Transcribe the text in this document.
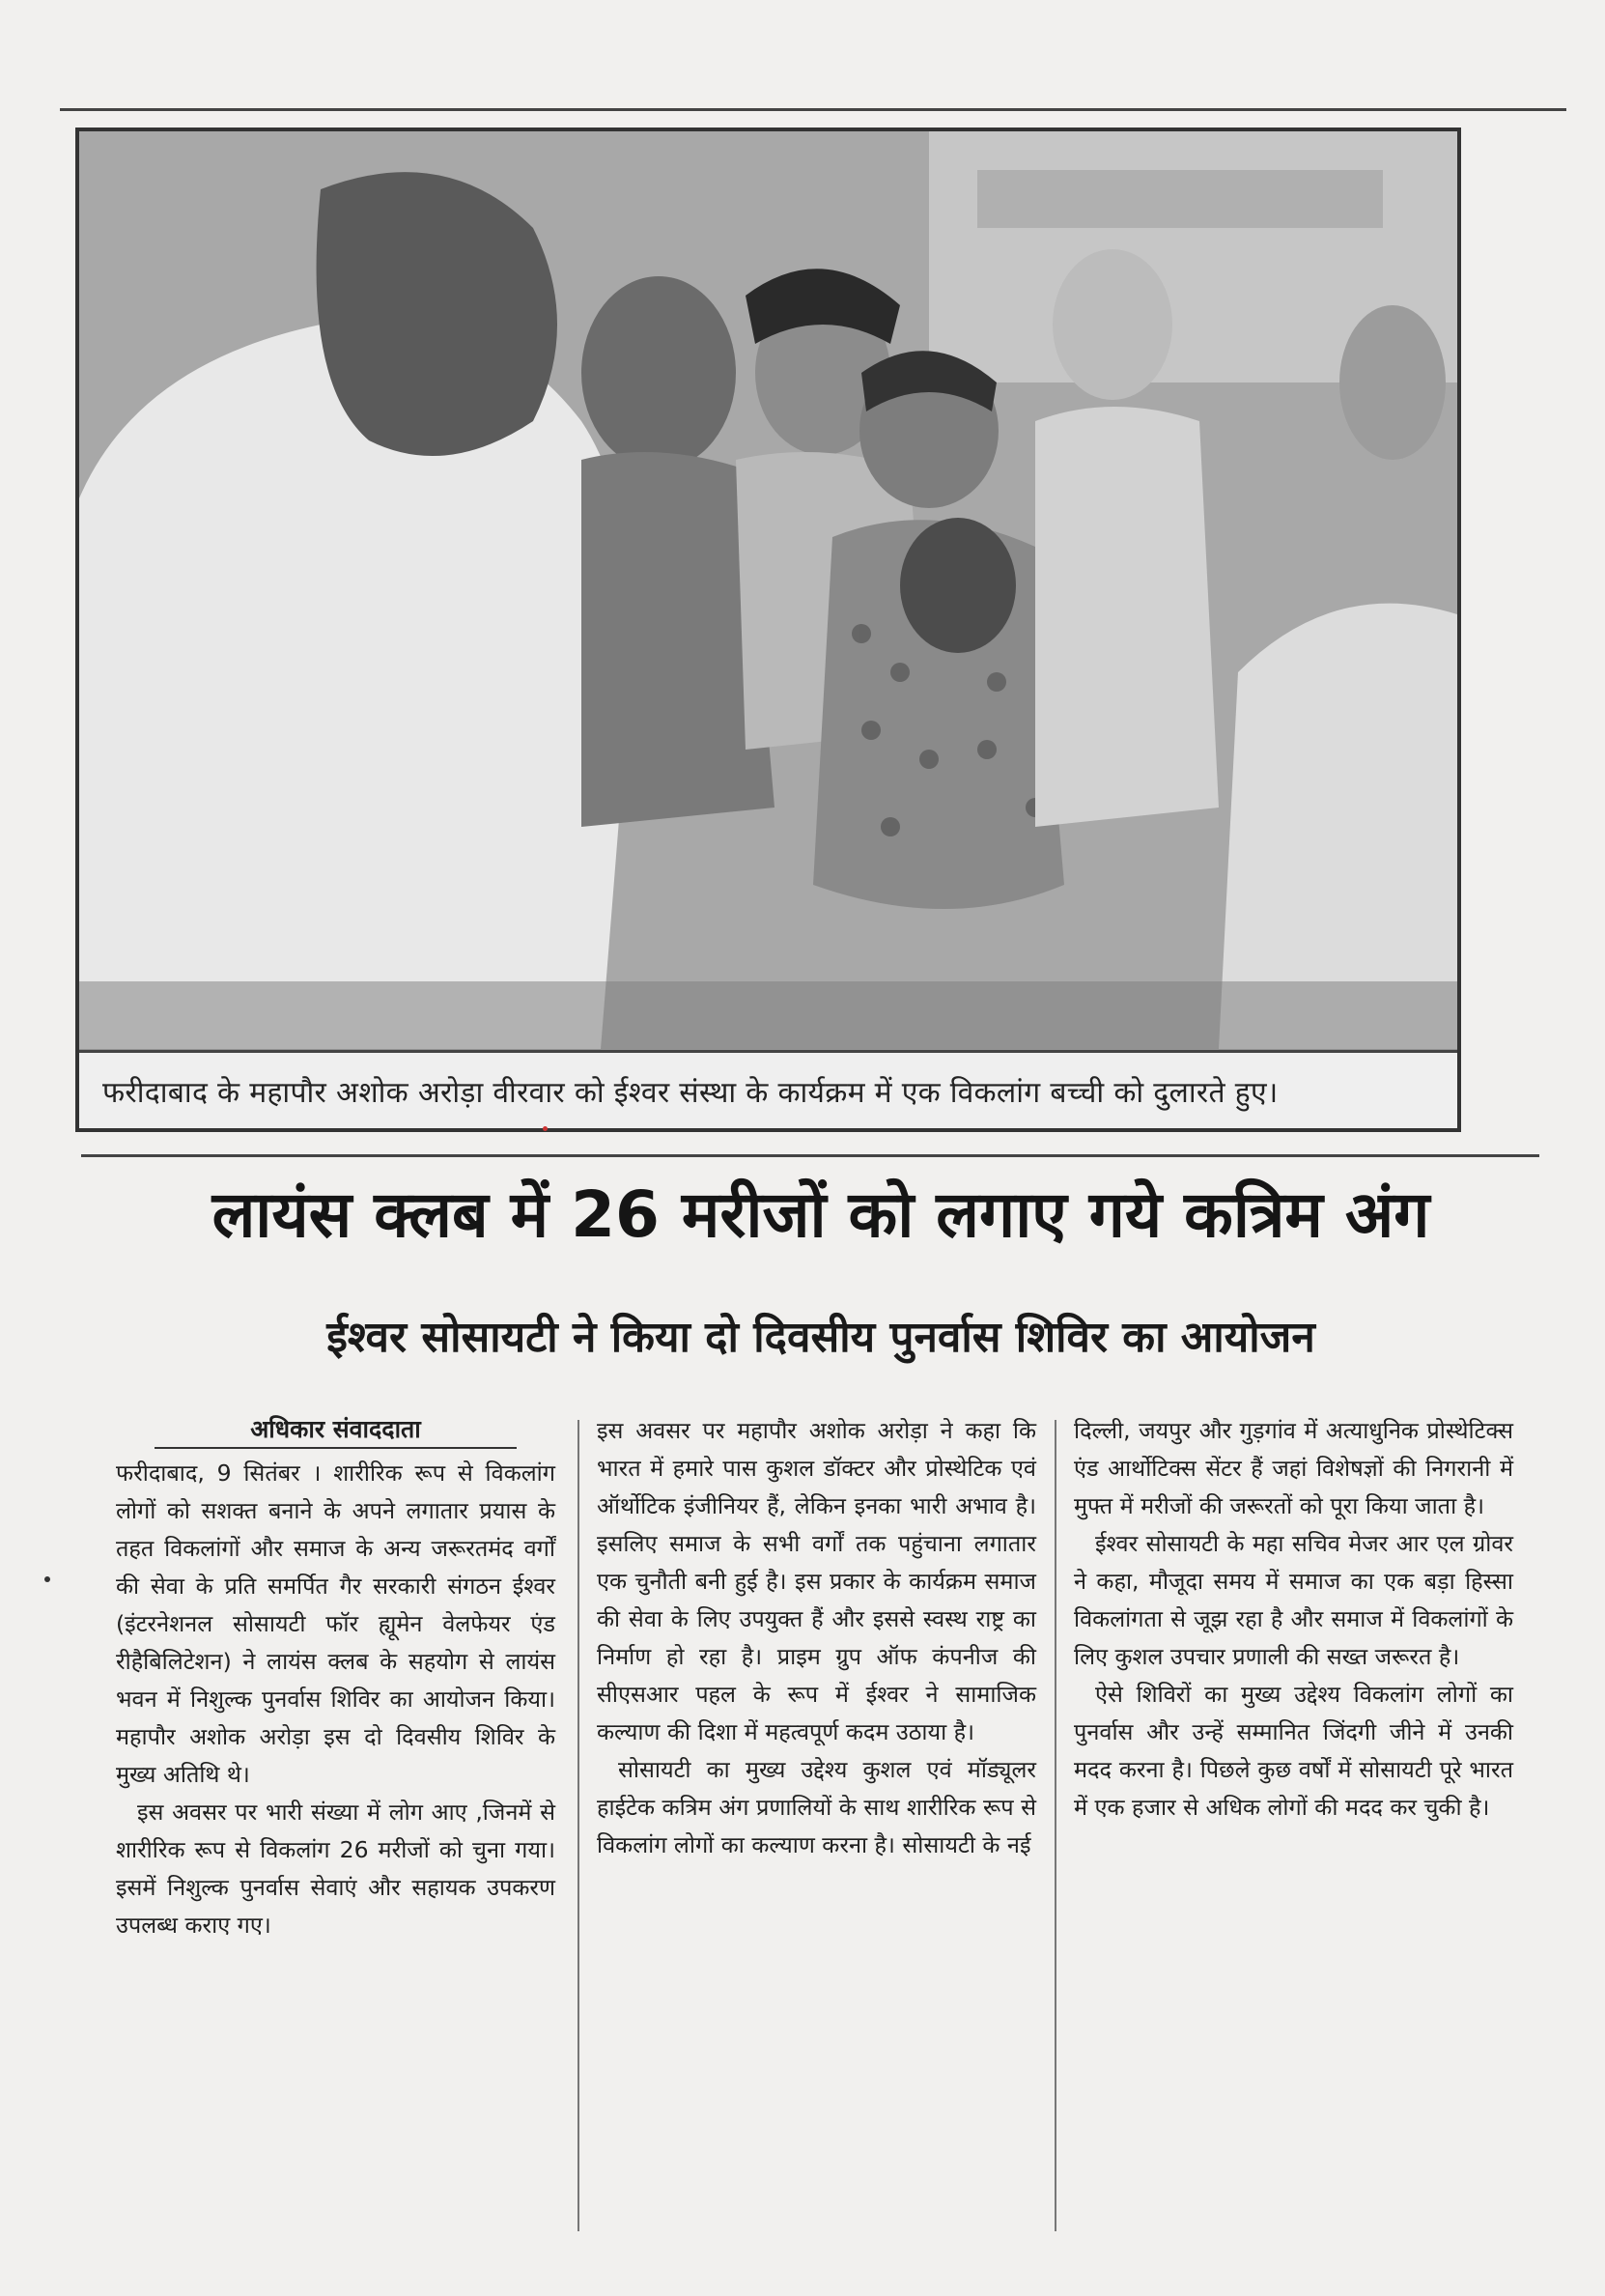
फरीदाबाद के महापौर अशोक अरोड़ा वीरवार को ईश्वर संस्था के कार्यक्रम में एक विकलांग बच्ची को दुलारते हुए।
लायंस क्लब में 26 मरीजों को लगाए गये कत्रिम अंग
ईश्वर सोसायटी ने किया दो दिवसीय पुनर्वास शिविर का आयोजन
अधिकार संवाददाता

फरीदाबाद, 9 सितंबर । शारीरिक रूप से विकलांग लोगों को सशक्त बनाने के अपने लगातार प्रयास के तहत विकलांगों और समाज के अन्य जरूरतमंद वर्गों की सेवा के प्रति समर्पित गैर सरकारी संगठन ईश्वर (इंटरनेशनल सोसायटी फॉर ह्यूमेन वेलफेयर एंड रीहैबिलिटेशन) ने लायंस क्लब के सहयोग से लायंस भवन में निशुल्क पुनर्वास शिविर का आयोजन किया। महापौर अशोक अरोड़ा इस दो दिवसीय शिविर के मुख्य अतिथि थे।

इस अवसर पर भारी संख्या में लोग आए ,जिनमें से शारीरिक रूप से विकलांग 26 मरीजों को चुना गया। इसमें निशुल्क पुनर्वास सेवाएं और सहायक उपकरण उपलब्ध कराए गए।

इस अवसर पर महापौर अशोक अरोड़ा ने कहा कि भारत में हमारे पास कुशल डॉक्टर और प्रोस्थेटिक एवं ऑर्थोटिक इंजीनियर हैं, लेकिन इनका भारी अभाव है। इसलिए समाज के सभी वर्गों तक पहुंचाना लगातार एक चुनौती बनी हुई है। इस प्रकार के कार्यक्रम समाज की सेवा के लिए उपयुक्त हैं और इससे स्वस्थ राष्ट्र का निर्माण हो रहा है। प्राइम ग्रुप ऑफ कंपनीज की सीएसआर पहल के रूप में ईश्वर ने सामाजिक कल्याण की दिशा में महत्वपूर्ण कदम उठाया है।

सोसायटी का मुख्य उद्देश्य कुशल एवं मॉड्यूलर हाईटेक कत्रिम अंग प्रणालियों के साथ शारीरिक रूप से विकलांग लोगों का कल्याण करना है। सोसायटी के नई

दिल्ली, जयपुर और गुड़गांव में अत्याधुनिक प्रोस्थेटिक्स एंड आर्थोटिक्स सेंटर हैं जहां विशेषज्ञों की निगरानी में मुफ्त में मरीजों की जरूरतों को पूरा किया जाता है।

ईश्वर सोसायटी के महा सचिव मेजर आर एल ग्रोवर ने कहा, मौजूदा समय में समाज का एक बड़ा हिस्सा विकलांगता से जूझ रहा है और समाज में विकलांगों के लिए कुशल उपचार प्रणाली की सख्त जरूरत है।

ऐसे शिविरों का मुख्य उद्देश्य विकलांग लोगों का पुनर्वास और उन्हें सम्मानित जिंदगी जीने में उनकी मदद करना है। पिछले कुछ वर्षों में सोसायटी पूरे भारत में एक हजार से अधिक लोगों की मदद कर चुकी है।
